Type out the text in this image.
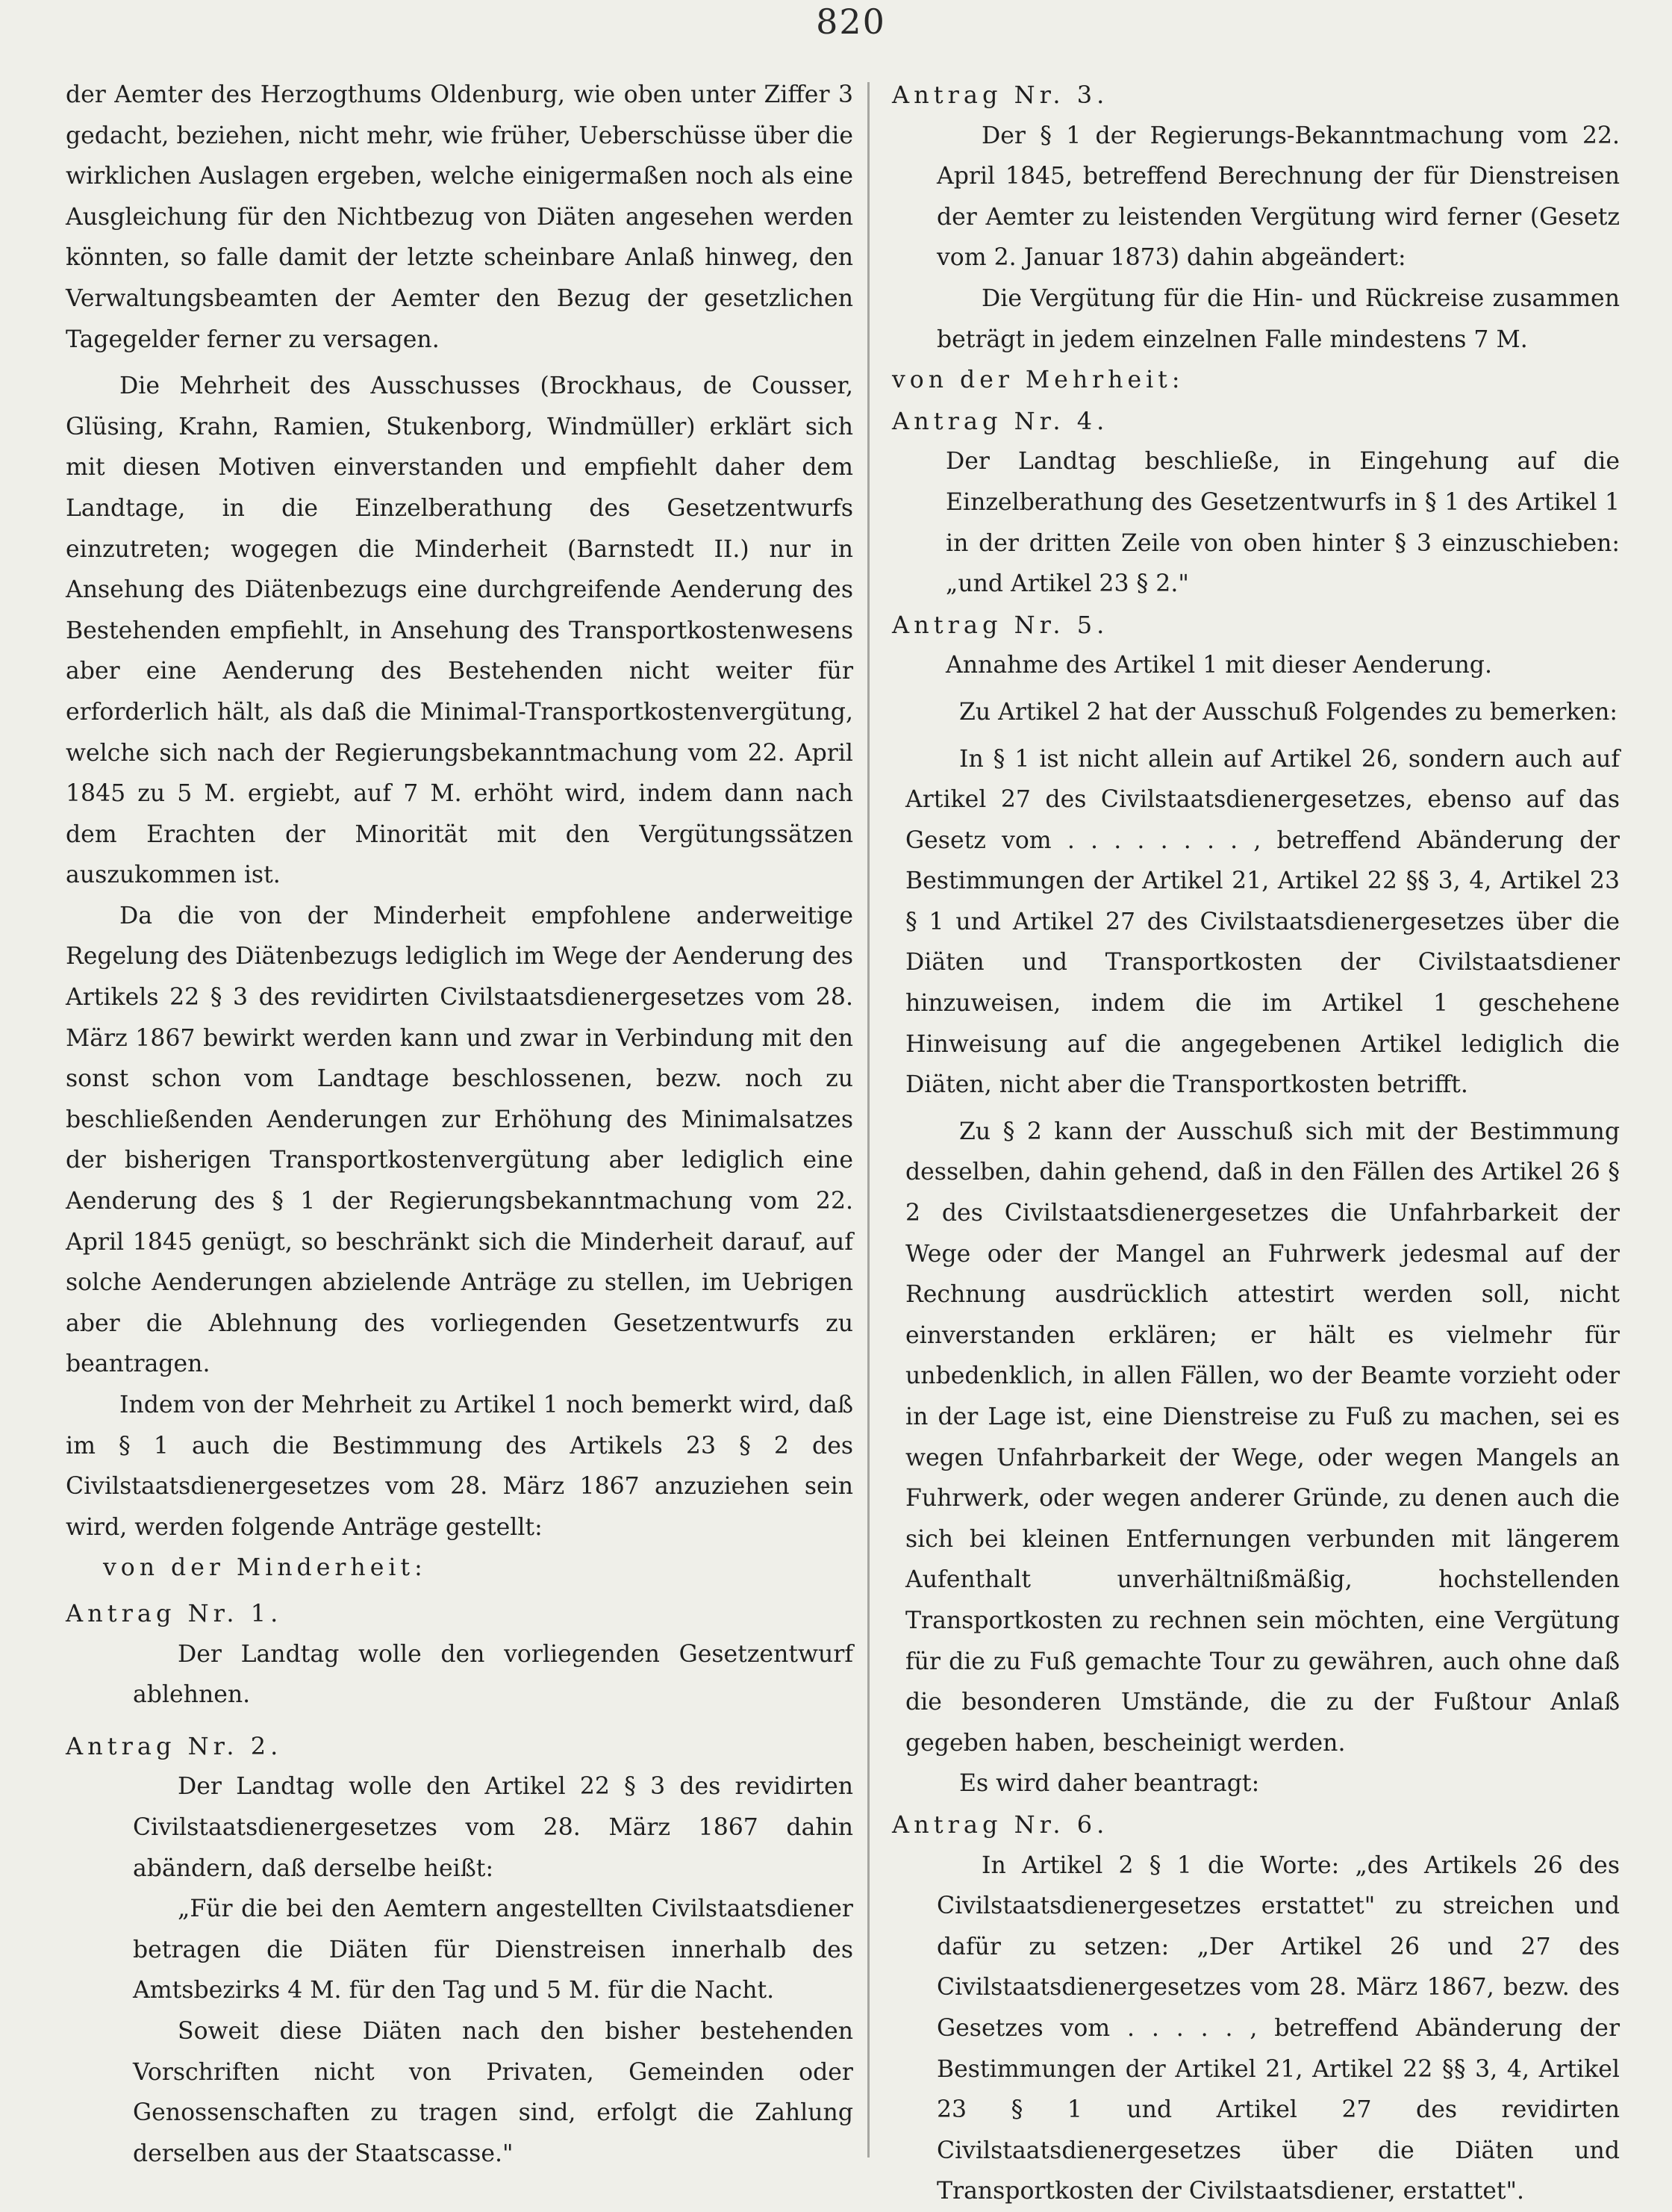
820

der Aemter des Herzogthums Oldenburg, wie oben unter Ziffer 3 gedacht, beziehen, nicht mehr, wie früher, Ueberschüsse über die wirklichen Auslagen ergeben, welche einigermaßen noch als eine Ausgleichung für den Nichtbezug von Diäten angesehen werden könnten, so falle damit der letzte scheinbare Anlaß hinweg, den Verwaltungsbeamten der Aemter den Bezug der gesetzlichen Tagegelder ferner zu versagen.

Die Mehrheit des Ausschusses (Brockhaus, de Cousser, Glüsing, Krahn, Ramien, Stukenborg, Windmüller) erklärt sich mit diesen Motiven einverstanden und empfiehlt daher dem Landtage, in die Einzelberathung des Gesetzentwurfs einzutreten; wogegen die Minderheit (Barnstedt II.) nur in Ansehung des Diätenbezugs eine durchgreifende Aenderung des Bestehenden empfiehlt, in Ansehung des Transportkostenwesens aber eine Aenderung des Bestehenden nicht weiter für erforderlich hält, als daß die Minimal-Transportkostenvergütung, welche sich nach der Regierungsbekanntmachung vom 22. April 1845 zu 5 M. ergiebt, auf 7 M. erhöht wird, indem dann nach dem Erachten der Minorität mit den Vergütungssätzen auszukommen ist.

Da die von der Minderheit empfohlene anderweitige Regelung des Diätenbezugs lediglich im Wege der Aenderung des Artikels 22 § 3 des revidirten Civilstaatsdienergesetzes vom 28. März 1867 bewirkt werden kann und zwar in Verbindung mit den sonst schon vom Landtage beschlossenen, bezw. noch zu beschließenden Aenderungen zur Erhöhung des Minimalsatzes der bisherigen Transportkostenvergütung aber lediglich eine Aenderung des § 1 der Regierungsbekanntmachung vom 22. April 1845 genügt, so beschränkt sich die Minderheit darauf, auf solche Aenderungen abzielende Anträge zu stellen, im Uebrigen aber die Ablehnung des vorliegenden Gesetzentwurfs zu beantragen.

Indem von der Mehrheit zu Artikel 1 noch bemerkt wird, daß im § 1 auch die Bestimmung des Artikels 23 § 2 des Civilstaatsdienergesetzes vom 28. März 1867 anzuziehen sein wird, werden folgende Anträge gestellt:

von der Minderheit:

Antrag Nr. 1.

Der Landtag wolle den vorliegenden Gesetzentwurf ablehnen.

Antrag Nr. 2.

Der Landtag wolle den Artikel 22 § 3 des revidirten Civilstaatsdienergesetzes vom 28. März 1867 dahin abändern, daß derselbe heißt:

„Für die bei den Aemtern angestellten Civilstaatsdiener betragen die Diäten für Dienstreisen innerhalb des Amtsbezirks 4 M. für den Tag und 5 M. für die Nacht.

Soweit diese Diäten nach den bisher bestehenden Vorschriften nicht von Privaten, Gemeinden oder Genossenschaften zu tragen sind, erfolgt die Zahlung derselben aus der Staatscasse."

Antrag Nr. 3.

Der § 1 der Regierungs-Bekanntmachung vom 22. April 1845, betreffend Berechnung der für Dienstreisen der Aemter zu leistenden Vergütung wird ferner (Gesetz vom 2. Januar 1873) dahin abgeändert:

Die Vergütung für die Hin- und Rückreise zusammen beträgt in jedem einzelnen Falle mindestens 7 M.

von der Mehrheit:

Antrag Nr. 4.

Der Landtag beschließe, in Eingehung auf die Einzelberathung des Gesetzentwurfs in § 1 des Artikel 1 in der dritten Zeile von oben hinter § 3 einzuschieben: „und Artikel 23 § 2."

Antrag Nr. 5.

Annahme des Artikel 1 mit dieser Aenderung.

Zu Artikel 2 hat der Ausschuß Folgendes zu bemerken:

In § 1 ist nicht allein auf Artikel 26, sondern auch auf Artikel 27 des Civilstaatsdienergesetzes, ebenso auf das Gesetz vom . . . . . . . . , betreffend Abänderung der Bestimmungen der Artikel 21, Artikel 22 §§ 3, 4, Artikel 23 § 1 und Artikel 27 des Civilstaatsdienergesetzes über die Diäten und Transportkosten der Civilstaatsdiener hinzuweisen, indem die im Artikel 1 geschehene Hinweisung auf die angegebenen Artikel lediglich die Diäten, nicht aber die Transportkosten betrifft.

Zu § 2 kann der Ausschuß sich mit der Bestimmung desselben, dahin gehend, daß in den Fällen des Artikel 26 § 2 des Civilstaatsdienergesetzes die Unfahrbarkeit der Wege oder der Mangel an Fuhrwerk jedesmal auf der Rechnung ausdrücklich attestirt werden soll, nicht einverstanden erklären; er hält es vielmehr für unbedenklich, in allen Fällen, wo der Beamte vorzieht oder in der Lage ist, eine Dienstreise zu Fuß zu machen, sei es wegen Unfahrbarkeit der Wege, oder wegen Mangels an Fuhrwerk, oder wegen anderer Gründe, zu denen auch die sich bei kleinen Entfernungen verbunden mit längerem Aufenthalt unverhältnißmäßig, hochstellenden Transportkosten zu rechnen sein möchten, eine Vergütung für die zu Fuß gemachte Tour zu gewähren, auch ohne daß die besonderen Umstände, die zu der Fußtour Anlaß gegeben haben, bescheinigt werden.

Es wird daher beantragt:

Antrag Nr. 6.

In Artikel 2 § 1 die Worte: „des Artikels 26 des Civilstaatsdienergesetzes erstattet" zu streichen und dafür zu setzen: „Der Artikel 26 und 27 des Civilstaatsdienergesetzes vom 28. März 1867, bezw. des Gesetzes vom . . . . . , betreffend Abänderung der Bestimmungen der Artikel 21, Artikel 22 §§ 3, 4, Artikel 23 § 1 und Artikel 27 des revidirten Civilstaatsdienergesetzes über die Diäten und Transportkosten der Civilstaatsdiener, erstattet".
